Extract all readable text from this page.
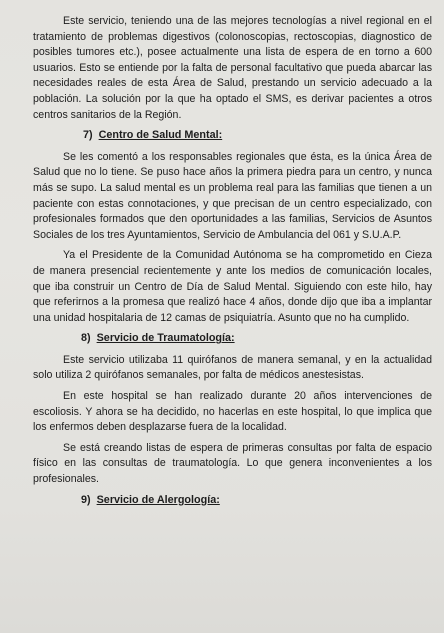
Este servicio, teniendo una de las mejores tecnologías a nivel regional en el tratamiento de problemas digestivos (colonoscopias, rectoscopias, diagnostico de posibles tumores etc.), posee actualmente una lista de espera de en torno a 600 usuarios. Esto se entiende por la falta de personal facultativo que pueda abarcar las necesidades reales de esta Área de Salud, prestando un servicio adecuado a la población. La solución por la que ha optado el SMS, es derivar pacientes a otros centros sanitarios de la Región.

7) Centro de Salud Mental:

Se les comentó a los responsables regionales que ésta, es la única Área de Salud que no lo tiene. Se puso hace años la primera piedra para un centro, y nunca más se supo. La salud mental es un problema real para las familias que tienen a un paciente con estas connotaciones, y que precisan de un centro especializado, con profesionales formados que den oportunidades a las familias, Servicios de Asuntos Sociales de los tres Ayuntamientos, Servicio de Ambulancia del 061 y S.U.A.P.

Ya el Presidente de la Comunidad Autónoma se ha comprometido en Cieza de manera presencial recientemente y ante los medios de comunicación locales, que iba construir un Centro de Día de Salud Mental. Siguiendo con este hilo, hay que referirnos a la promesa que realizó hace 4 años, donde dijo que iba a implantar una unidad hospitalaria de 12 camas de psiquiatría. Asunto que no ha cumplido.

8) Servicio de Traumatología:

Este servicio utilizaba 11 quirófanos de manera semanal, y en la actualidad solo utiliza 2 quirófanos semanales, por falta de médicos anestesistas.

En este hospital se han realizado durante 20 años intervenciones de escoliosis. Y ahora se ha decidido, no hacerlas en este hospital, lo que implica que los enfermos deben desplazarse fuera de la localidad.

Se está creando listas de espera de primeras consultas por falta de espacio físico en las consultas de traumatología. Lo que genera inconvenientes a los profesionales.

9) Servicio de Alergología:
